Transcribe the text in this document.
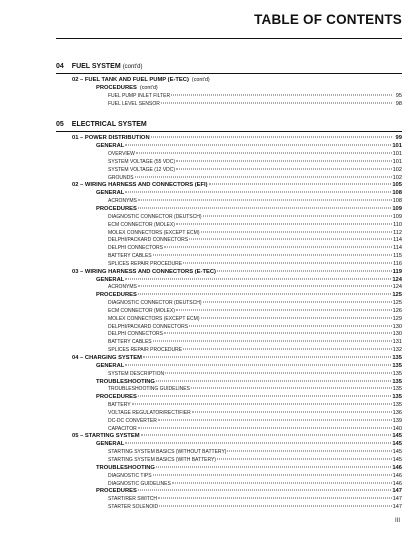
TABLE OF CONTENTS
04 FUEL SYSTEM (cont'd)
02 – FUEL TANK AND FUEL PUMP (E-TEC) (cont'd)
PROCEDURES (cont'd)
FUEL PUMP INLET FILTER	95
FUEL LEVEL SENSOR	98
05 ELECTRICAL SYSTEM
01 – POWER DISTRIBUTION	99
GENERAL	101
OVERVIEW	101
SYSTEM VOLTAGE (55 VDC)	101
SYSTEM VOLTAGE (12 VDC)	102
GROUNDS	102
02 – WIRING HARNESS AND CONNECTORS (EFI)	105
GENERAL	108
ACRONYMS	108
PROCEDURES	109
DIAGNOSTIC CONNECTOR (DEUTSCH)	109
ECM CONNECTOR (MOLEX)	110
MOLEX CONNECTORS (EXCEPT ECM)	112
DELPHI/PACKARD CONNECTORS	114
DELPHI CONNECTORS	114
BATTERY CABLES	115
SPLICES REPAIR PROCEDURE	116
03 – WIRING HARNESS AND CONNECTORS (E-TEC)	119
GENERAL	124
ACRONYMS	124
PROCEDURES	125
DIAGNOSTIC CONNECTOR (DEUTSCH)	125
ECM CONNECTOR (MOLEX)	126
MOLEX CONNECTORS (EXCEPT ECM)	129
DELPHI/PACKARD CONNECTORS	130
DELPHI CONNECTORS	130
BATTERY CABLES	131
SPLICES REPAIR PROCEDURE	132
04 – CHARGING SYSTEM	135
GENERAL	135
SYSTEM DESCRIPTION	135
TROUBLESHOOTING	135
TROUBLESHOOTING GUIDELINES	135
PROCEDURES	135
BATTERY	135
VOLTAGE REGULATOR/RECTIFIER	136
DC-DC CONVERTER	139
CAPACITOR	140
05 – STARTING SYSTEM	145
GENERAL	145
STARTING SYSTEM BASICS (WITHOUT BATTERY)	145
STARTING SYSTEM BASICS (WITH BATTERY)	145
TROUBLESHOOTING	146
DIAGNOSTIC TIPS	146
DIAGNOSTIC GUIDELINES	146
PROCEDURES	147
START/RER SWITCH	147
STARTER SOLENOID	147
III
